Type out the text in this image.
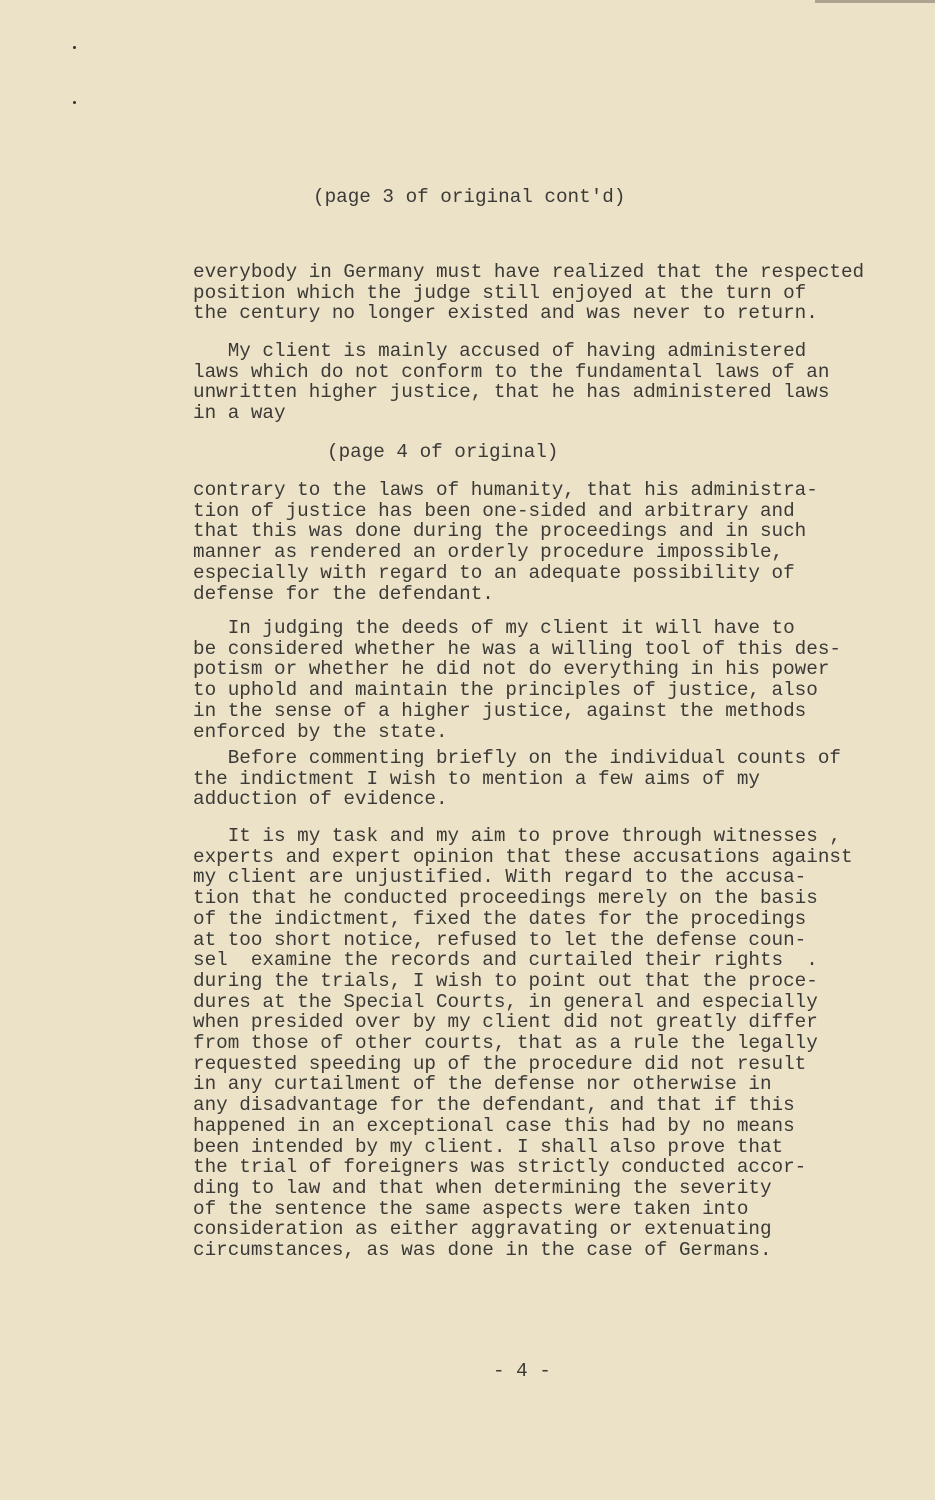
(page 3 of original cont'd)
everybody in Germany must have realized that the respected
position which the judge still enjoyed at the turn of
the century no longer existed and was never to return.
My client is mainly accused of having administered
laws which do not conform to the fundamental laws of an
unwritten higher justice, that he has administered laws
in a way
(page 4 of original)
contrary to the laws of humanity, that his administra-
tion of justice has been one-sided and arbitrary and
that this was done during the proceedings and in such
manner as rendered an orderly procedure impossible,
especially with regard to an adequate possibility of
defense for the defendant.
In judging the deeds of my client it will have to
be considered whether he was a willing tool of this des-
potism or whether he did not do everything in his power
to uphold and maintain the principles of justice, also
in the sense of a higher justice, against the methods
enforced by the state.
Before commenting briefly on the individual counts of
the indictment I wish to mention a few aims of my
adduction of evidence.
It is my task and my aim to prove through witnesses ,
experts and expert opinion that these accusations against
my client are unjustified. With regard to the accusa-
tion that he conducted proceedings merely on the basis
of the indictment, fixed the dates for the procedings
at too short notice, refused to let the defense coun-
sel  examine the records and curtailed their rights  .
during the trials, I wish to point out that the proce-
dures at the Special Courts, in general and especially
when presided over by my client did not greatly differ
from those of other courts, that as a rule the legally
requested speeding up of the procedure did not result
in any curtailment of the defense nor otherwise in
any disadvantage for the defendant, and that if this
happened in an exceptional case this had by no means
been intended by my client. I shall also prove that
the trial of foreigners was strictly conducted accor-
ding to law and that when determining the severity
of the sentence the same aspects were taken into
consideration as either aggravating or extenuating
circumstances, as was done in the case of Germans.
- 4 -
